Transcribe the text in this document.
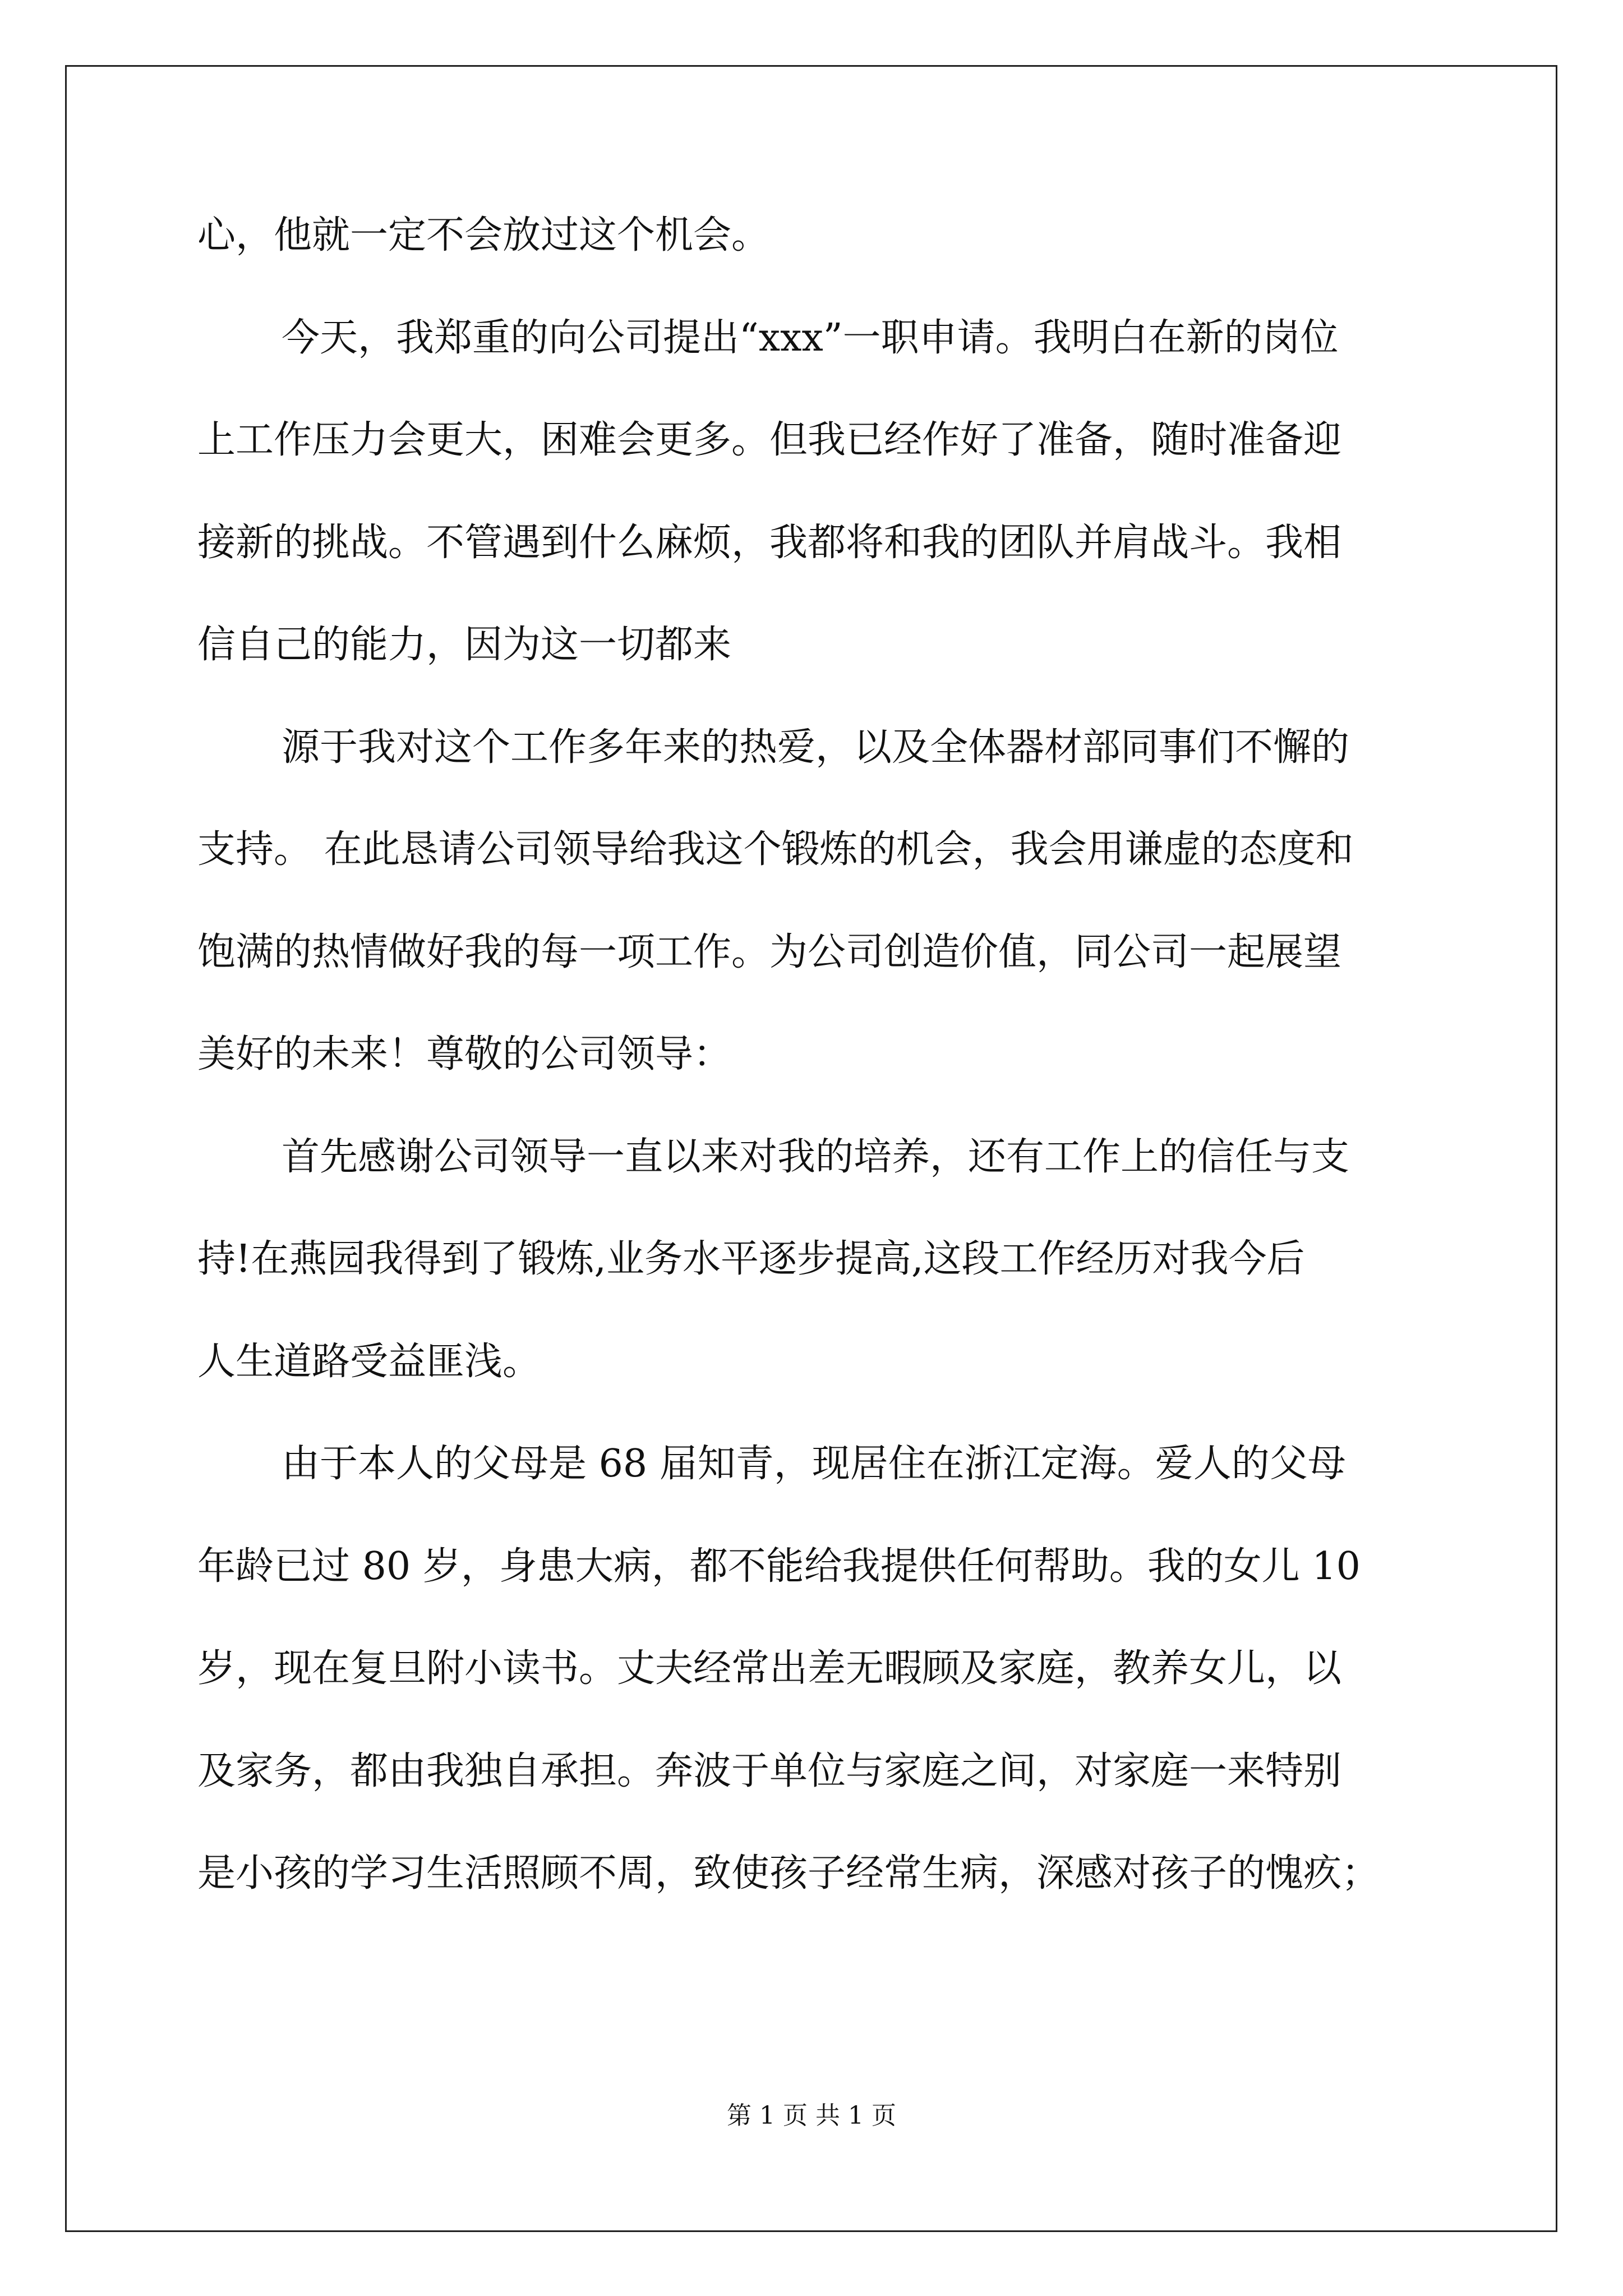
心，他就一定不会放过这个机会。
今天，我郑重的向公司提出“xxx”一职申请。我明白在新的岗位
上工作压力会更大，困难会更多。但我已经作好了准备，随时准备迎
接新的挑战。不管遇到什么麻烦，我都将和我的团队并肩战斗。我相
信自己的能力，因为这一切都来
源于我对这个工作多年来的热爱，以及全体器材部同事们不懈的
支持。 在此恳请公司领导给我这个锻炼的机会，我会用谦虚的态度和
饱满的热情做好我的每一项工作。为公司创造价值，同公司一起展望
美好的未来！尊敬的公司领导：
首先感谢公司领导一直以来对我的培养，还有工作上的信任与支
持!在燕园我得到了锻炼,业务水平逐步提高,这段工作经历对我今后
人生道路受益匪浅。
由于本人的父母是 68 届知青，现居住在浙江定海。爱人的父母
年龄已过 80 岁，身患大病，都不能给我提供任何帮助。我的女儿 10
岁，现在复旦附小读书。丈夫经常出差无暇顾及家庭，教养女儿，以
及家务，都由我独自承担。奔波于单位与家庭之间，对家庭一来特别
是小孩的学习生活照顾不周，致使孩子经常生病，深感对孩子的愧疚；
第 1 页 共 1 页
